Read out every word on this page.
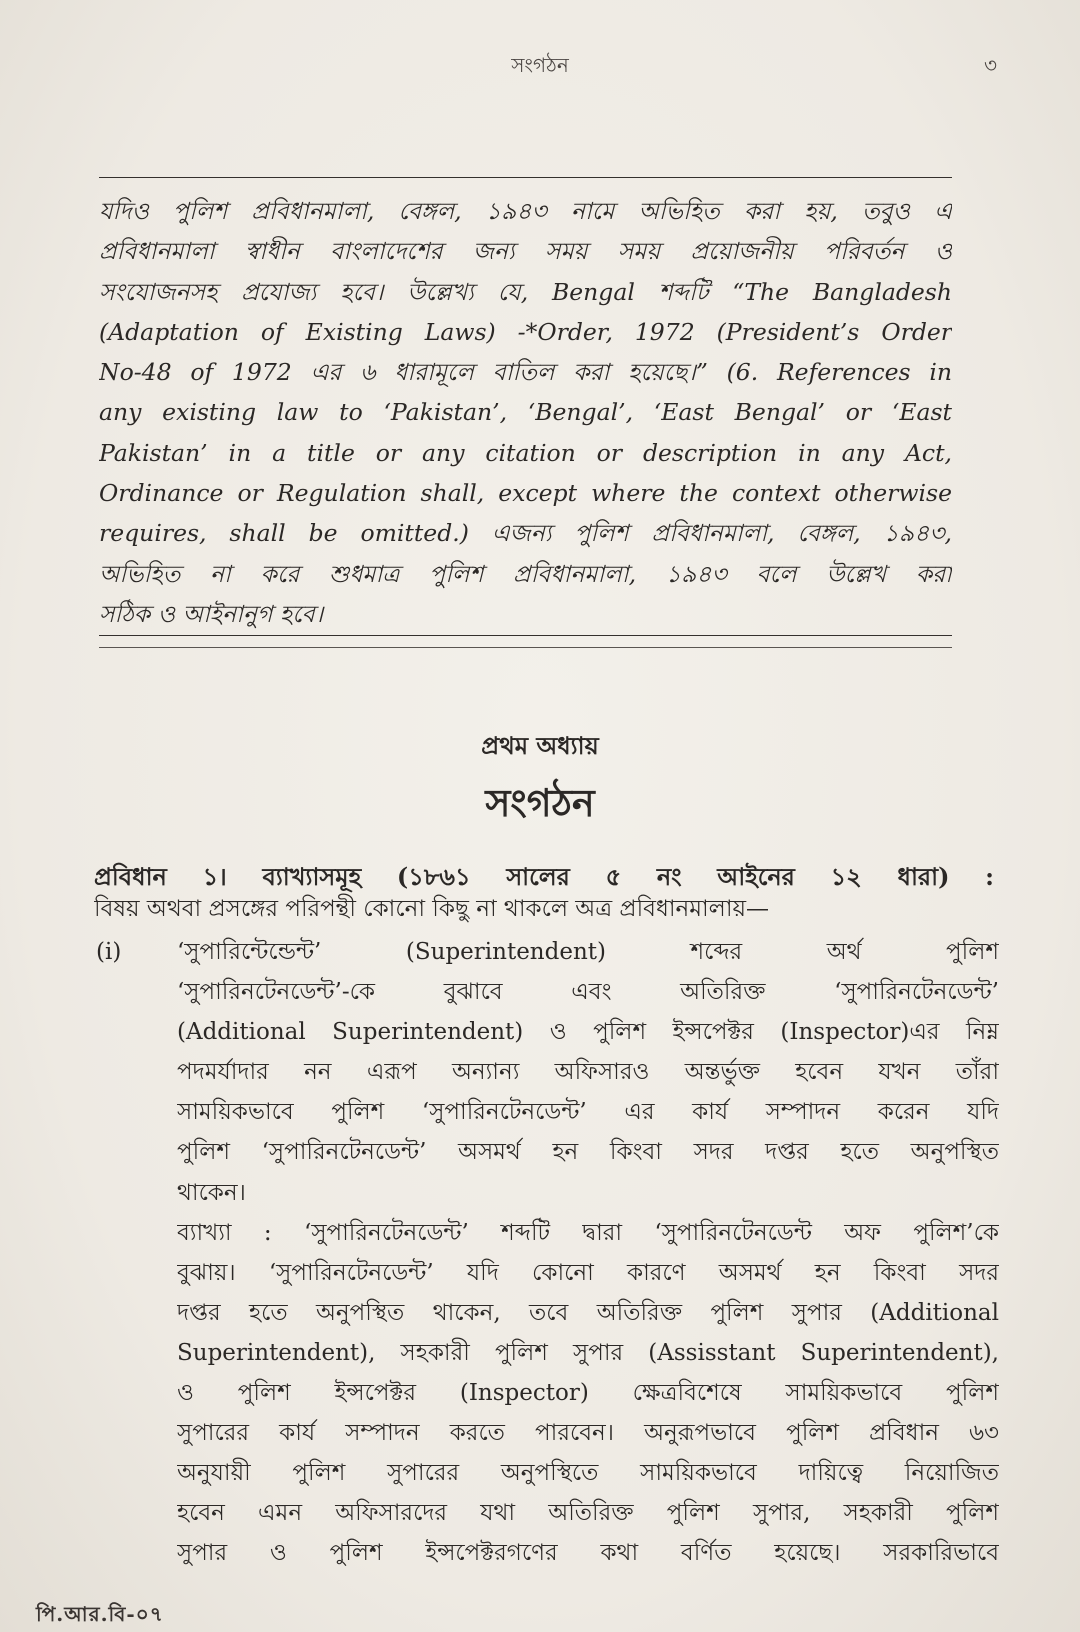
সংগঠন	৩
যদিও পুলিশ প্রবিধানমালা, বেঙ্গল, ১৯৪৩ নামে অভিহিত করা হয়, তবুও এ
প্রবিধানমালা স্বাধীন বাংলাদেশের জন্য সময় সময় প্রয়োজনীয় পরিবর্তন ও
সংযোজনসহ প্রযোজ্য হবে। উল্লেখ্য যে, Bengal শব্দটি “The Bangladesh
(Adaptation of Existing Laws) -*Order, 1972 (President’s Order
No-48 of 1972 এর ৬ ধারামূলে বাতিল করা হয়েছে।” (6. References in
any existing law to ‘Pakistan’, ‘Bengal’, ‘East Bengal’ or ‘East
Pakistan’ in a title or any citation or description in any Act,
Ordinance or Regulation shall, except where the context otherwise
requires, shall be omitted.) এজন্য পুলিশ প্রবিধানমালা, বেঙ্গল, ১৯৪৩,
অভিহিত না করে শুধমাত্র পুলিশ প্রবিধানমালা, ১৯৪৩ বলে উল্লেখ করা
সঠিক ও আইনানুগ হবে।
প্রথম অধ্যায়
সংগঠন
প্রবিধান ১। ব্যাখ্যাসমূহ (১৮৬১ সালের ৫ নং আইনের ১২ ধারা) :
বিষয় অথবা প্রসঙ্গের পরিপন্থী কোনো কিছু না থাকলে অত্র প্রবিধানমালায়—
(i) ‘সুপারিন্টেন্ডেন্ট’ (Superintendent) শব্দের অর্থ পুলিশ
‘সুপারিনটেনডেন্ট’-কে বুঝাবে এবং অতিরিক্ত ‘সুপারিনটেনডেন্ট’
(Additional Superintendent) ও পুলিশ ইন্সপেক্টর (Inspector)এর নিম্ন
পদমর্যাদার নন এরূপ অন্যান্য অফিসারও অন্তর্ভুক্ত হবেন যখন তাঁরা
সাময়িকভাবে পুলিশ ‘সুপারিনটেনডেন্ট’ এর কার্য সম্পাদন করেন যদি
পুলিশ ‘সুপারিনটেনডেন্ট’ অসমর্থ হন কিংবা সদর দপ্তর হতে অনুপস্থিত
থাকেন।
ব্যাখ্যা : ‘সুপারিনটেনডেন্ট’ শব্দটি দ্বারা ‘সুপারিনটেনডেন্ট অফ পুলিশ’কে
বুঝায়। ‘সুপারিনটেনডেন্ট’ যদি কোনো কারণে অসমর্থ হন কিংবা সদর
দপ্তর হতে অনুপস্থিত থাকেন, তবে অতিরিক্ত পুলিশ সুপার (Additional
Superintendent), সহকারী পুলিশ সুপার (Assisstant Superintendent),
ও পুলিশ ইন্সপেক্টর (Inspector) ক্ষেত্রবিশেষে সাময়িকভাবে পুলিশ
সুপারের কার্য সম্পাদন করতে পারবেন। অনুরূপভাবে পুলিশ প্রবিধান ৬৩
অনুযায়ী পুলিশ সুপারের অনুপস্থিতে সাময়িকভাবে দায়িত্বে নিয়োজিত
হবেন এমন অফিসারদের যথা অতিরিক্ত পুলিশ সুপার, সহকারী পুলিশ
সুপার ও পুলিশ ইন্সপেক্টরগণের কথা বর্ণিত হয়েছে। সরকারিভাবে
পি.আর.বি-০৭
